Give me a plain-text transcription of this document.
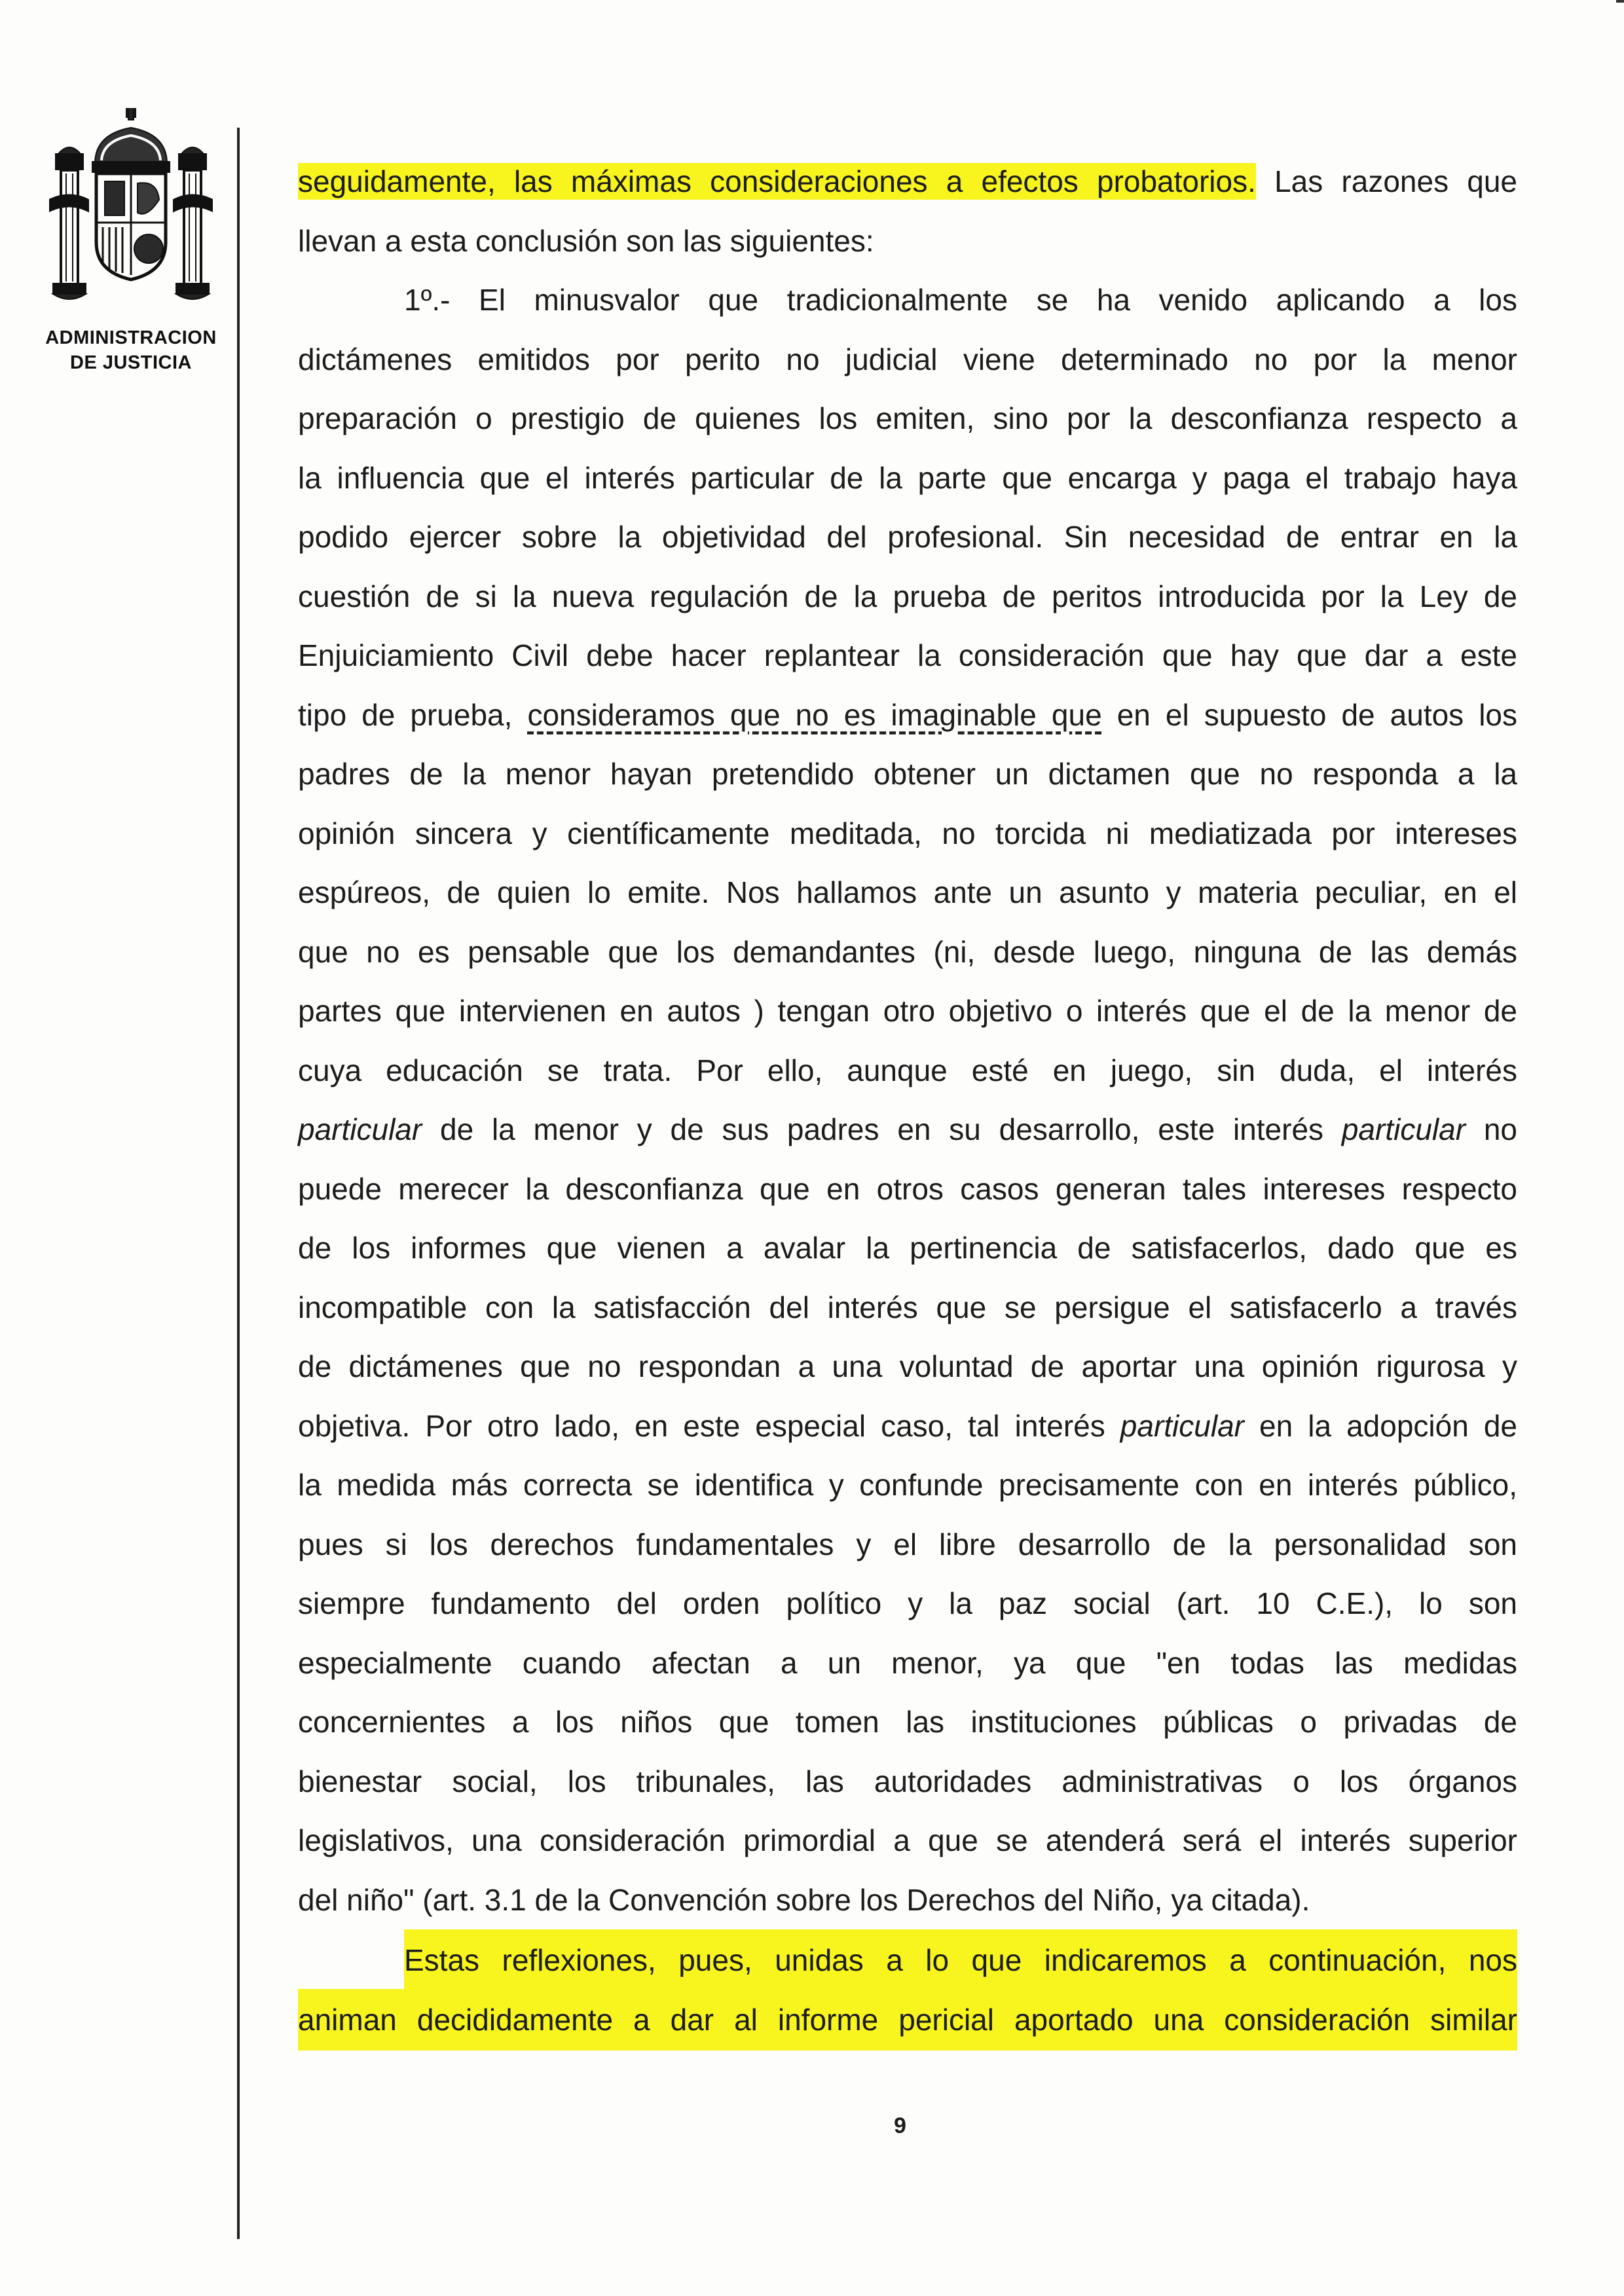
ADMINISTRACION
DE JUSTICIA
seguidamente, las máximas consideraciones a efectos probatorios. Las razones que
llevan a esta conclusión son las siguientes:
1º.- El minusvalor que tradicionalmente se ha venido aplicando a los
dictámenes emitidos por perito no judicial viene determinado no por la menor
preparación o prestigio de quienes los emiten, sino por la desconfianza respecto a
la influencia que el interés particular de la parte que encarga y paga el trabajo haya
podido ejercer sobre la objetividad del profesional. Sin necesidad de entrar en la
cuestión de si la nueva regulación de la prueba de peritos introducida por la Ley de
Enjuiciamiento Civil debe hacer replantear la consideración que hay que dar a este
tipo de prueba, consideramos que no es imaginable que en el supuesto de autos los
padres de la menor hayan pretendido obtener un dictamen que no responda a la
opinión sincera y científicamente meditada, no torcida ni mediatizada por intereses
espúreos, de quien lo emite. Nos hallamos ante un asunto y materia peculiar, en el
que no es pensable que los demandantes (ni, desde luego, ninguna de las demás
partes que intervienen en autos ) tengan otro objetivo o interés que el de la menor de
cuya educación se trata. Por ello, aunque esté en juego, sin duda, el interés
particular de la menor y de sus padres en su desarrollo, este interés particular no
puede merecer la desconfianza que en otros casos generan tales intereses respecto
de los informes que vienen a avalar la pertinencia de satisfacerlos, dado que es
incompatible con la satisfacción del interés que se persigue el satisfacerlo a través
de dictámenes que no respondan a una voluntad de aportar una opinión rigurosa y
objetiva. Por otro lado, en este especial caso, tal interés particular en la adopción de
la medida más correcta se identifica y confunde precisamente con en interés público,
pues si los derechos fundamentales y el libre desarrollo de la personalidad son
siempre fundamento del orden político y la paz social (art. 10 C.E.), lo son
especialmente cuando afectan a un menor, ya que "en todas las medidas
concernientes a los niños que tomen las instituciones públicas o privadas de
bienestar social, los tribunales, las autoridades administrativas o los órganos
legislativos, una consideración primordial a que se atenderá será el interés superior
del niño" (art. 3.1 de la Convención sobre los Derechos del Niño, ya citada).
Estas reflexiones, pues, unidas a lo que indicaremos a continuación, nos
animan decididamente a dar al informe pericial aportado una consideración similar
9
